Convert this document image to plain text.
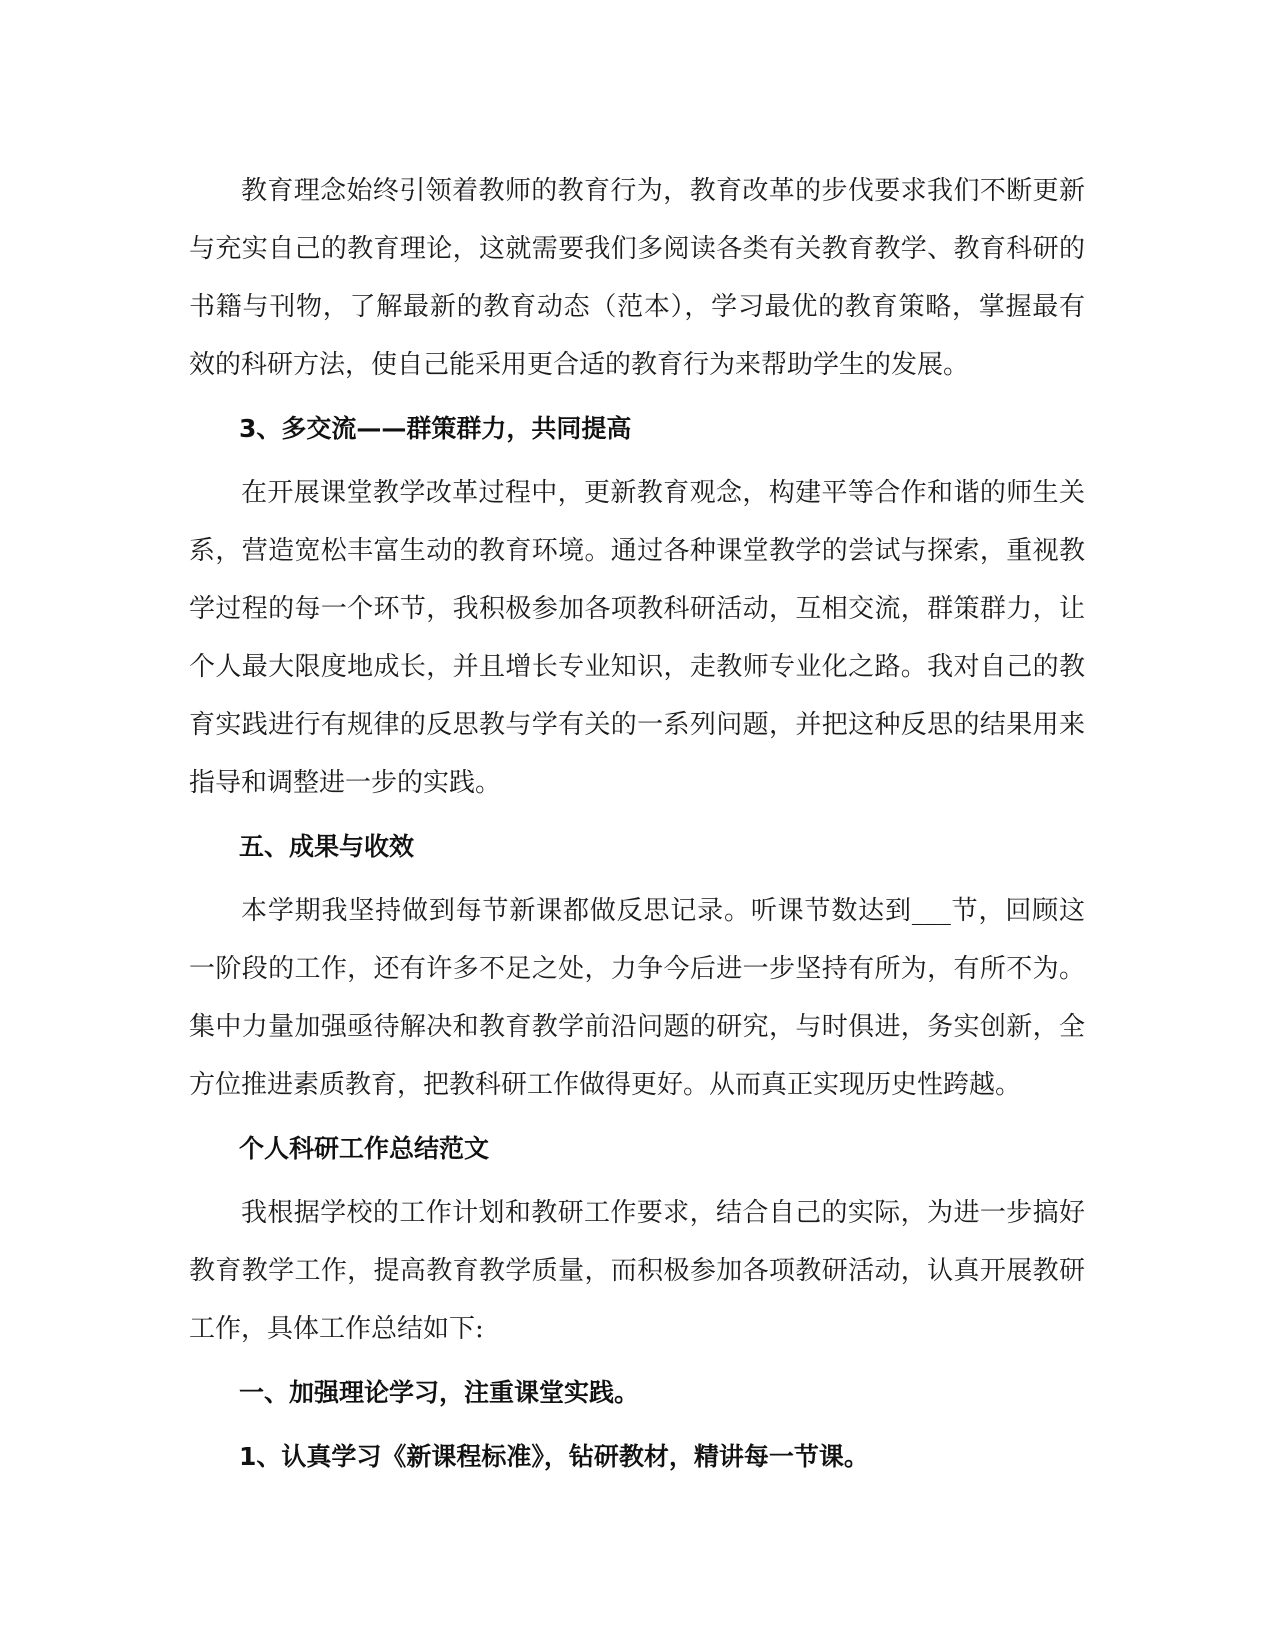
教育理念始终引领着教师的教育行为，教育改革的步伐要求我们不断更新与充实自己的教育理论，这就需要我们多阅读各类有关教育教学、教育科研的书籍与刊物，了解最新的教育动态（范本），学习最优的教育策略，掌握最有效的科研方法，使自己能采用更合适的教育行为来帮助学生的发展。

3、多交流——群策群力，共同提高

在开展课堂教学改革过程中，更新教育观念，构建平等合作和谐的师生关系，营造宽松丰富生动的教育环境。通过各种课堂教学的尝试与探索，重视教学过程的每一个环节，我积极参加各项教科研活动，互相交流，群策群力，让个人最大限度地成长，并且增长专业知识，走教师专业化之路。我对自己的教育实践进行有规律的反思教与学有关的一系列问题，并把这种反思的结果用来指导和调整进一步的实践。

五、成果与收效

本学期我坚持做到每节新课都做反思记录。听课节数达到___节，回顾这一阶段的工作，还有许多不足之处，力争今后进一步坚持有所为，有所不为。集中力量加强亟待解决和教育教学前沿问题的研究，与时俱进，务实创新，全方位推进素质教育，把教科研工作做得更好。从而真正实现历史性跨越。

个人科研工作总结范文

我根据学校的工作计划和教研工作要求，结合自己的实际，为进一步搞好教育教学工作，提高教育教学质量，而积极参加各项教研活动，认真开展教研工作，具体工作总结如下:

一、加强理论学习，注重课堂实践。

1、认真学习《新课程标准》，钻研教材，精讲每一节课。
